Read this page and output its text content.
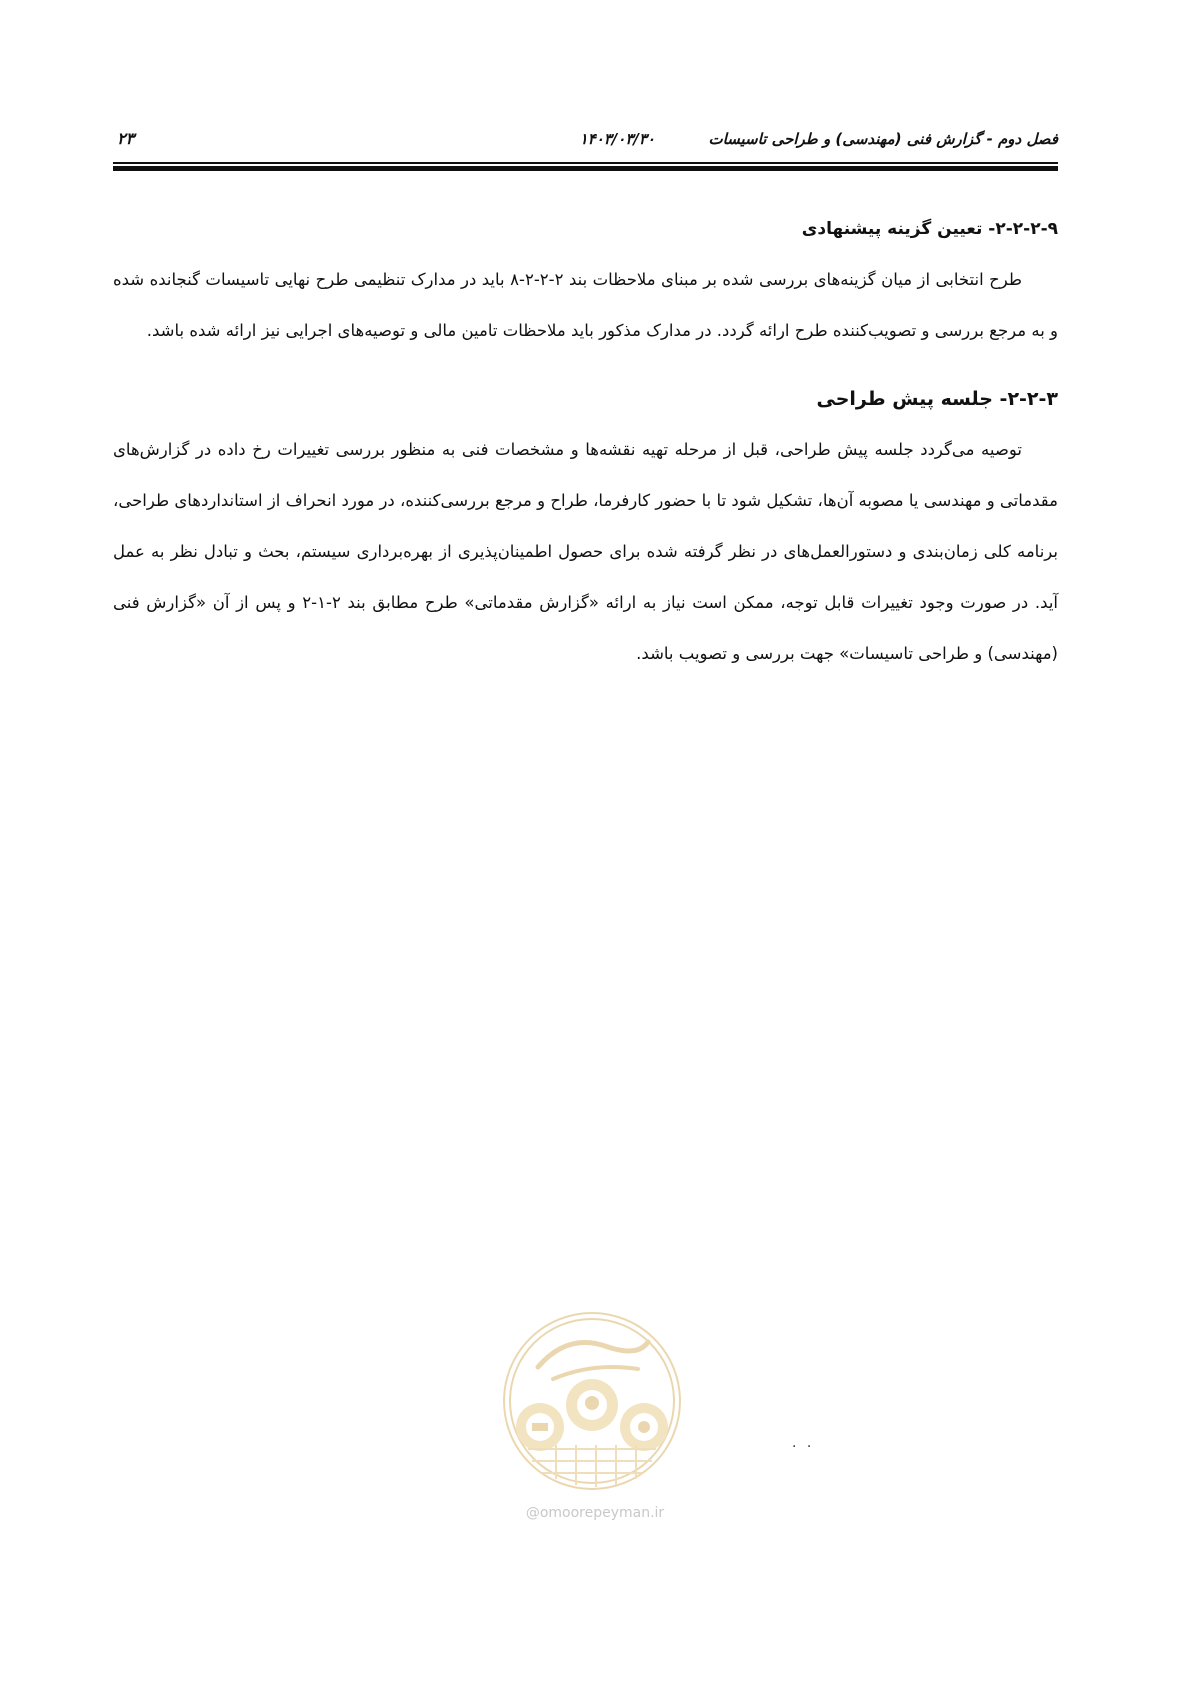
فصل دوم - گزارش فنی (مهندسی) و طراحی تاسیسات
۱۴۰۳/۰۳/۳۰
۲۳
۲-۲-۲-۹- تعیین گزینه پیشنهادی

طرح انتخابی از میان گزینه‌های بررسی شده بر مبنای ملاحظات بند ۲-۲-۲-۸ باید در مدارک تنظیمی طرح نهایی تاسیسات گنجانده شده و به مرجع بررسی و تصویب‌کننده طرح ارائه گردد. در مدارک مذکور باید ملاحظات تامین مالی و توصیه‌های اجرایی نیز ارائه شده باشد.

۲-۲-۳- جلسه پیش طراحی

توصیه می‌گردد جلسه پیش طراحی، قبل از مرحله تهیه نقشه‌ها و مشخصات فنی به منظور بررسی تغییرات رخ داده در گزارش‌های مقدماتی و مهندسی یا مصوبه آن‌ها، تشکیل شود تا با حضور کارفرما، طراح و مرجع بررسی‌کننده، در مورد انحراف از استانداردهای طراحی، برنامه کلی زمان‌بندی و دستورالعمل‌های در نظر گرفته شده برای حصول اطمینان‌پذیری از بهره‌برداری سیستم، بحث و تبادل نظر به عمل آید. در صورت وجود تغییرات قابل توجه، ممکن است نیاز به ارائه «گزارش مقدماتی» طرح مطابق بند ۲-۱-۲ و پس از آن «گزارش فنی (مهندسی) و طراحی تاسیسات» جهت بررسی و تصویب باشد.

@omoorepeyman.ir
. .
